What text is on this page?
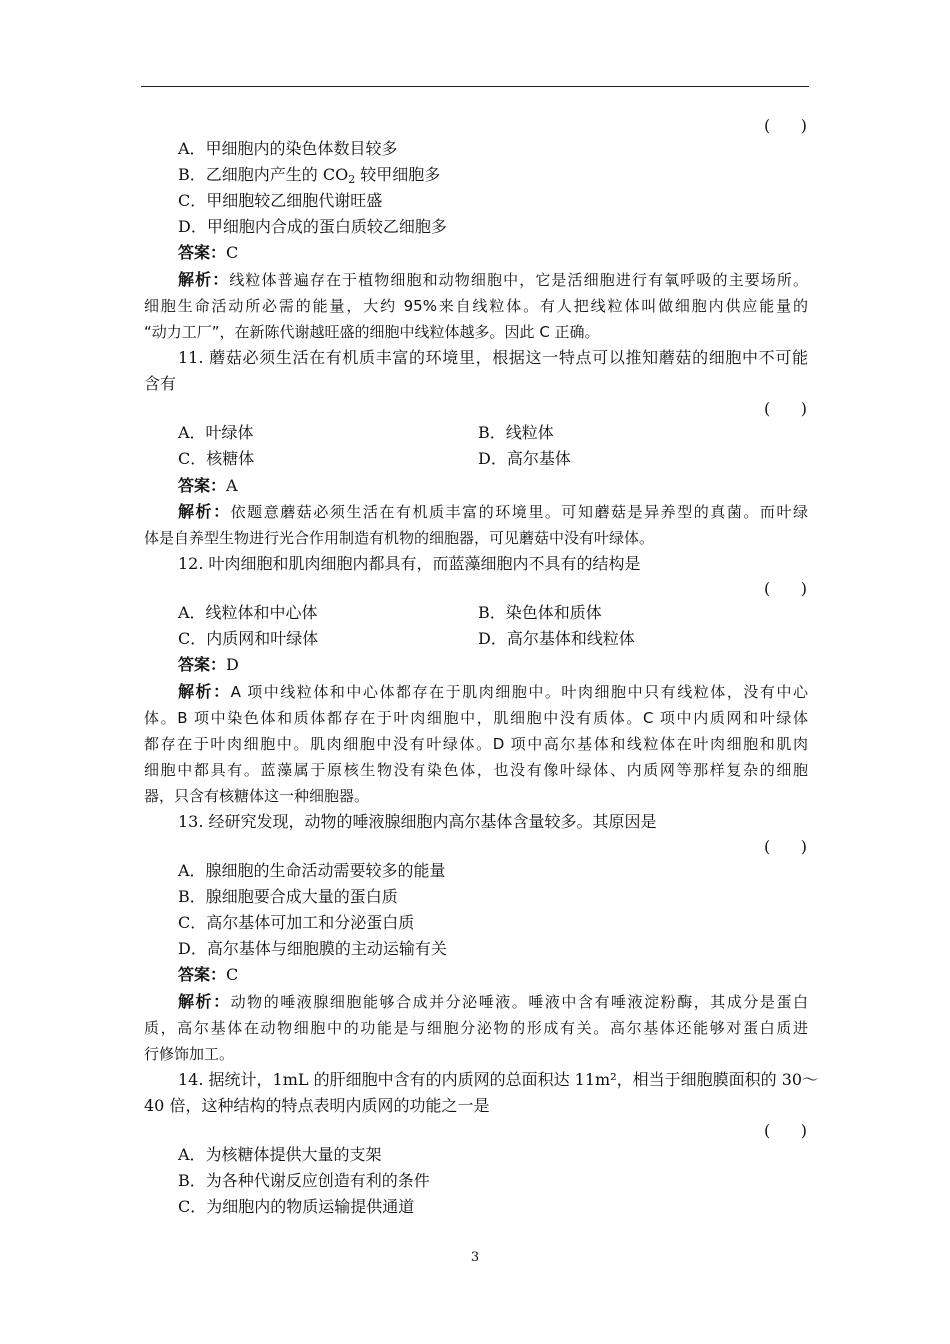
(      )
A．甲细胞内的染色体数目较多
B．乙细胞内产生的 $CO_2$ 较甲细胞多
C．甲细胞较乙细胞代谢旺盛
D．甲细胞内合成的蛋白质较乙细胞多
答案：C
解析：线粒体普遍存在于植物细胞和动物细胞中，它是活细胞进行有氧呼吸的主要场所。
细胞生命活动所必需的能量，大约 95%来自线粒体。有人把线粒体叫做细胞内供应能量的
“动力工厂”，在新陈代谢越旺盛的细胞中线粒体越多。因此 C 正确。
11. 蘑菇必须生活在有机质丰富的环境里，根据这一特点可以推知蘑菇的细胞中不可能
含有
(      )
A．叶绿体	B．线粒体
C．核糖体	D．高尔基体
答案：A
解析：依题意蘑菇必须生活在有机质丰富的环境里。可知蘑菇是异养型的真菌。而叶绿
体是自养型生物进行光合作用制造有机物的细胞器，可见蘑菇中没有叶绿体。
12. 叶肉细胞和肌肉细胞内都具有，而蓝藻细胞内不具有的结构是
(      )
A．线粒体和中心体	B．染色体和质体
C．内质网和叶绿体	D．高尔基体和线粒体
答案：D
解析：A 项中线粒体和中心体都存在于肌肉细胞中。叶肉细胞中只有线粒体，没有中心
体。B 项中染色体和质体都存在于叶肉细胞中，肌细胞中没有质体。C 项中内质网和叶绿体
都存在于叶肉细胞中。肌肉细胞中没有叶绿体。D 项中高尔基体和线粒体在叶肉细胞和肌肉
细胞中都具有。蓝藻属于原核生物没有染色体，也没有像叶绿体、内质网等那样复杂的细胞
器，只含有核糖体这一种细胞器。
13. 经研究发现，动物的唾液腺细胞内高尔基体含量较多。其原因是
(      )
A．腺细胞的生命活动需要较多的能量
B．腺细胞要合成大量的蛋白质
C．高尔基体可加工和分泌蛋白质
D．高尔基体与细胞膜的主动运输有关
答案：C
解析：动物的唾液腺细胞能够合成并分泌唾液。唾液中含有唾液淀粉酶，其成分是蛋白
质，高尔基体在动物细胞中的功能是与细胞分泌物的形成有关。高尔基体还能够对蛋白质进
行修饰加工。
14. 据统计，1mL 的肝细胞中含有的内质网的总面积达 11m²，相当于细胞膜面积的 30～
40 倍，这种结构的特点表明内质网的功能之一是
(      )
A．为核糖体提供大量的支架
B．为各种代谢反应创造有利的条件
C．为细胞内的物质运输提供通道
3
